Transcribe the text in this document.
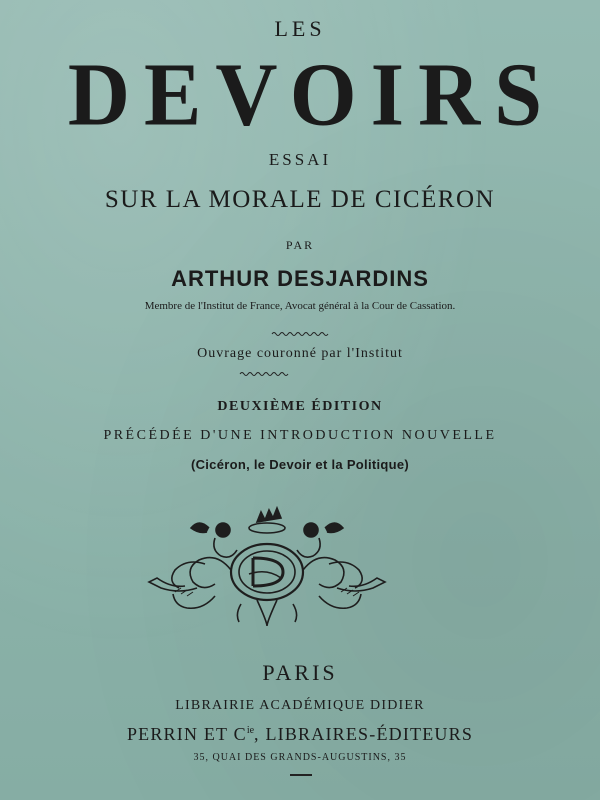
LES
DEVOIRS
ESSAI
SUR LA MORALE DE CICÉRON
PAR
ARTHUR DESJARDINS
Membre de l'Institut de France, Avocat général à la Cour de Cassation.
Ouvrage couronné par l'Institut
DEUXIÈME ÉDITION
PRÉCÉDÉE D'UNE INTRODUCTION NOUVELLE
(Cicéron, le Devoir et la Politique)
PARIS
LIBRAIRIE ACADÉMIQUE DIDIER
PERRIN ET $C^{ie}$, LIBRAIRES-ÉDITEURS
35, QUAI DES GRANDS-AUGUSTINS, 35
